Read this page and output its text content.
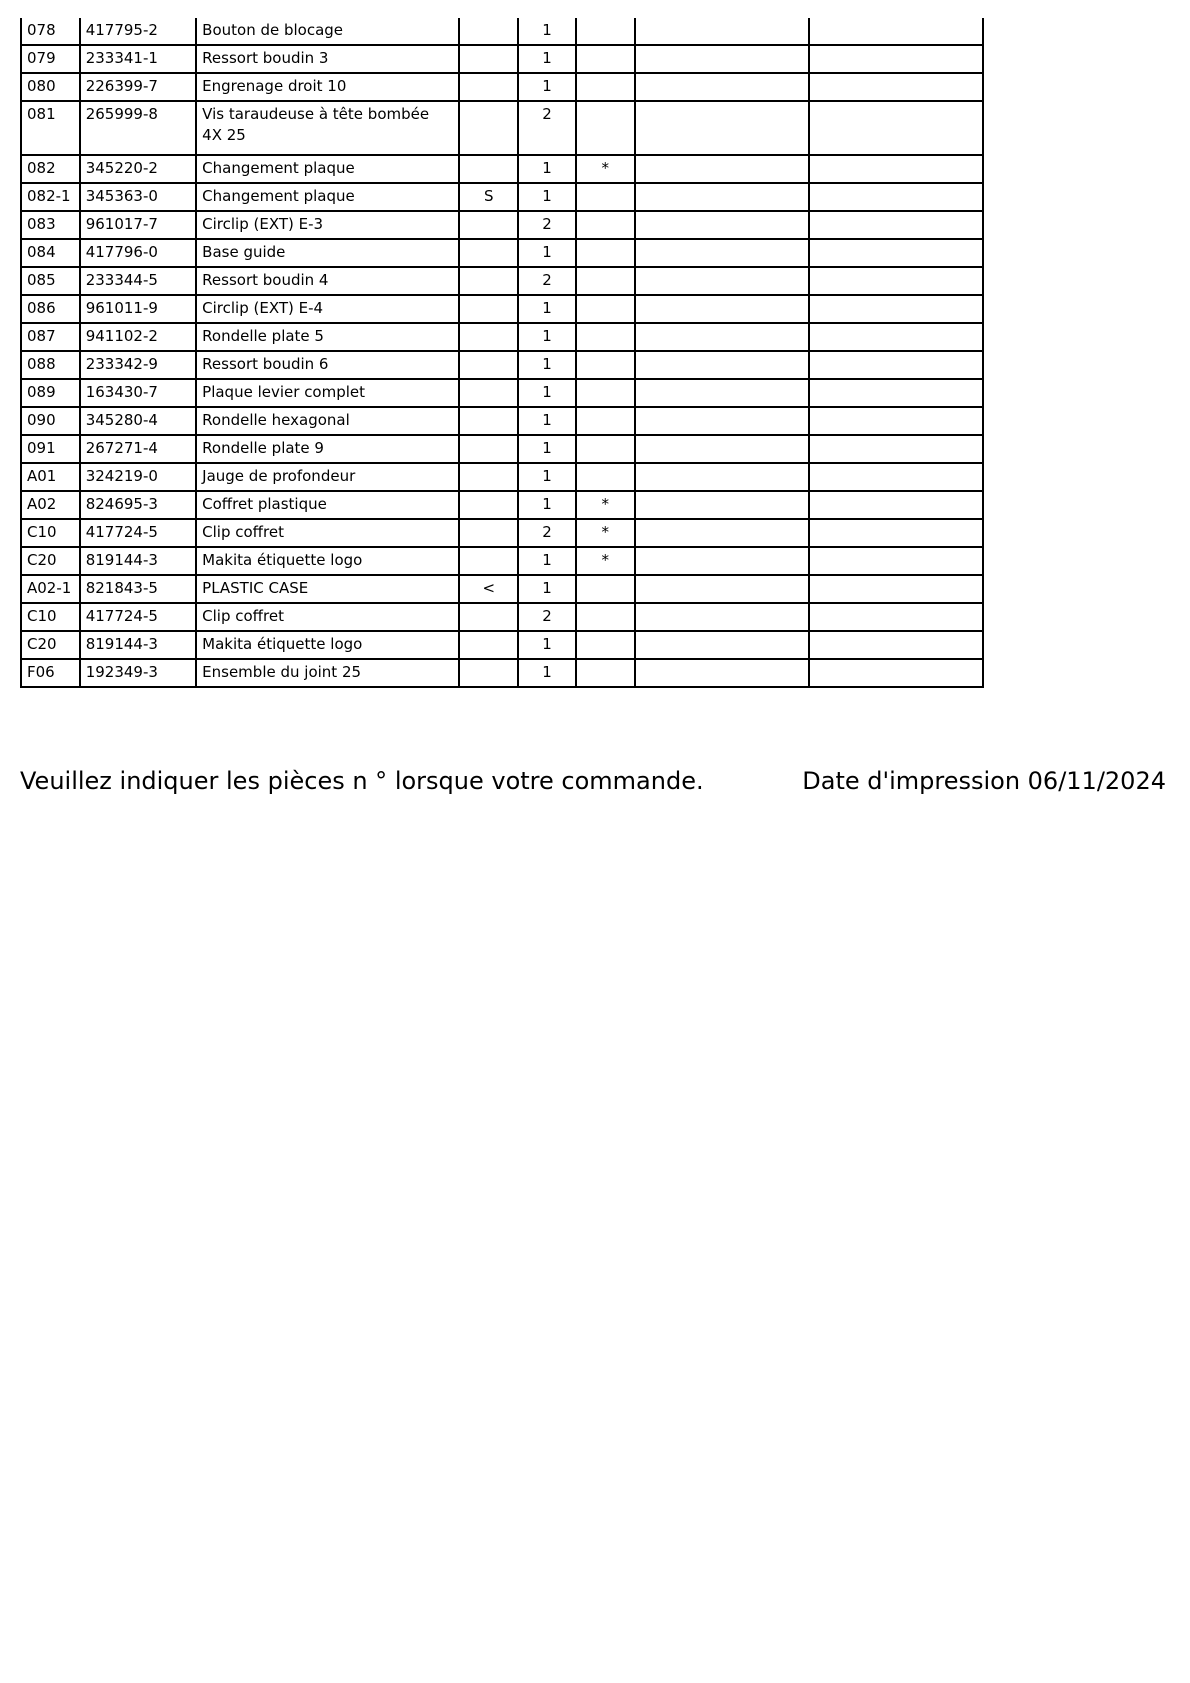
078	417795-2	Bouton de blocage		1			
079	233341-1	Ressort boudin 3		1			
080	226399-7	Engrenage droit 10		1			
081	265999-8	Vis taraudeuse à tête bombée 4X 25		2			
082	345220-2	Changement plaque		1	*		
082-1	345363-0	Changement plaque	S	1			
083	961017-7	Circlip (EXT) E-3		2			
084	417796-0	Base guide		1			
085	233344-5	Ressort boudin 4		2			
086	961011-9	Circlip (EXT) E-4		1			
087	941102-2	Rondelle plate 5		1			
088	233342-9	Ressort boudin 6		1			
089	163430-7	Plaque levier complet		1			
090	345280-4	Rondelle hexagonal		1			
091	267271-4	Rondelle plate 9		1			
A01	324219-0	Jauge de profondeur		1			
A02	824695-3	Coffret plastique		1	*		
C10	417724-5	Clip coffret		2	*		
C20	819144-3	Makita étiquette logo		1	*		
A02-1	821843-5	PLASTIC CASE	<	1			
C10	417724-5	Clip coffret		2			
C20	819144-3	Makita étiquette logo		1			
F06	192349-3	Ensemble du joint 25		1			
Veuillez indiquer les pièces n ° lorsque votre commande.	Date d'impression 06/11/2024
